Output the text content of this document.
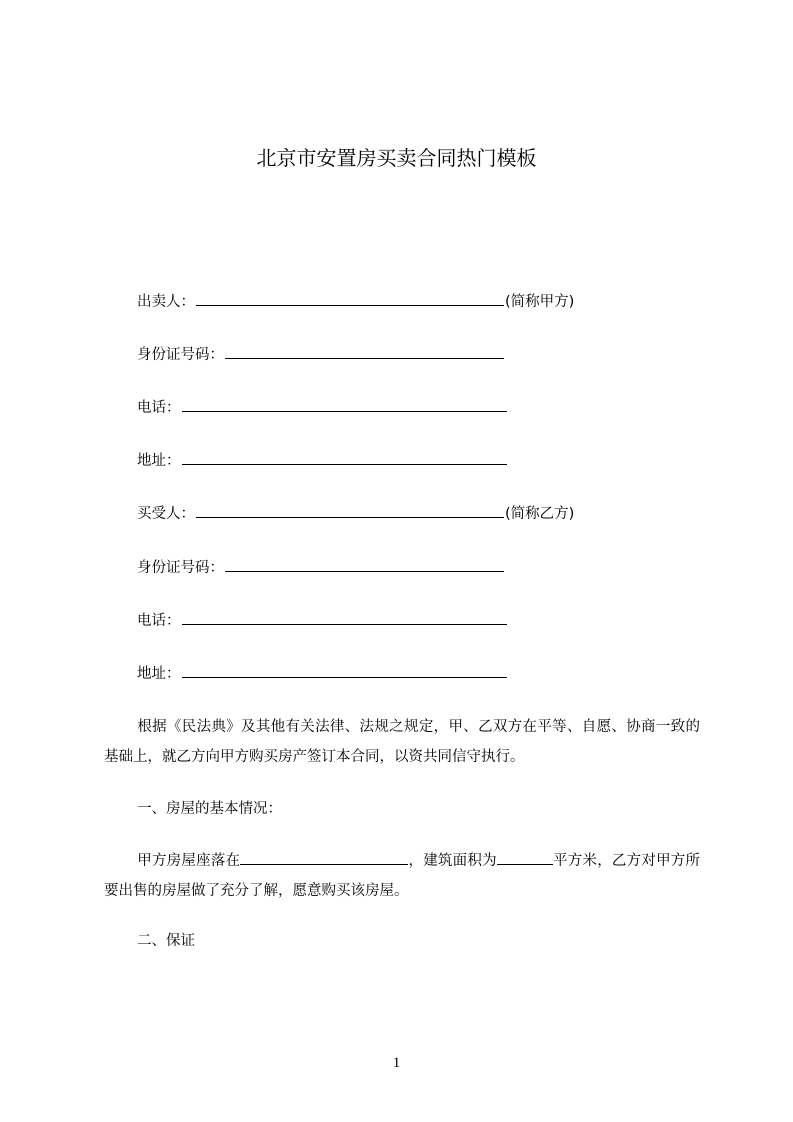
北京市安置房买卖合同热门模板
出卖人：	(简称甲方)
身份证号码：
电话：
地址：
买受人：	(简称乙方)
身份证号码：
电话：
地址：

根据《民法典》及其他有关法律、法规之规定，甲、乙双方在平等、自愿、协商一致的基础上，就乙方向甲方购买房产签订本合同，以资共同信守执行。

一、房屋的基本情况：

甲方房屋座落在	，建筑面积为	平方米，乙方对甲方所要出售的房屋做了充分了解，愿意购买该房屋。

二、保证
1
